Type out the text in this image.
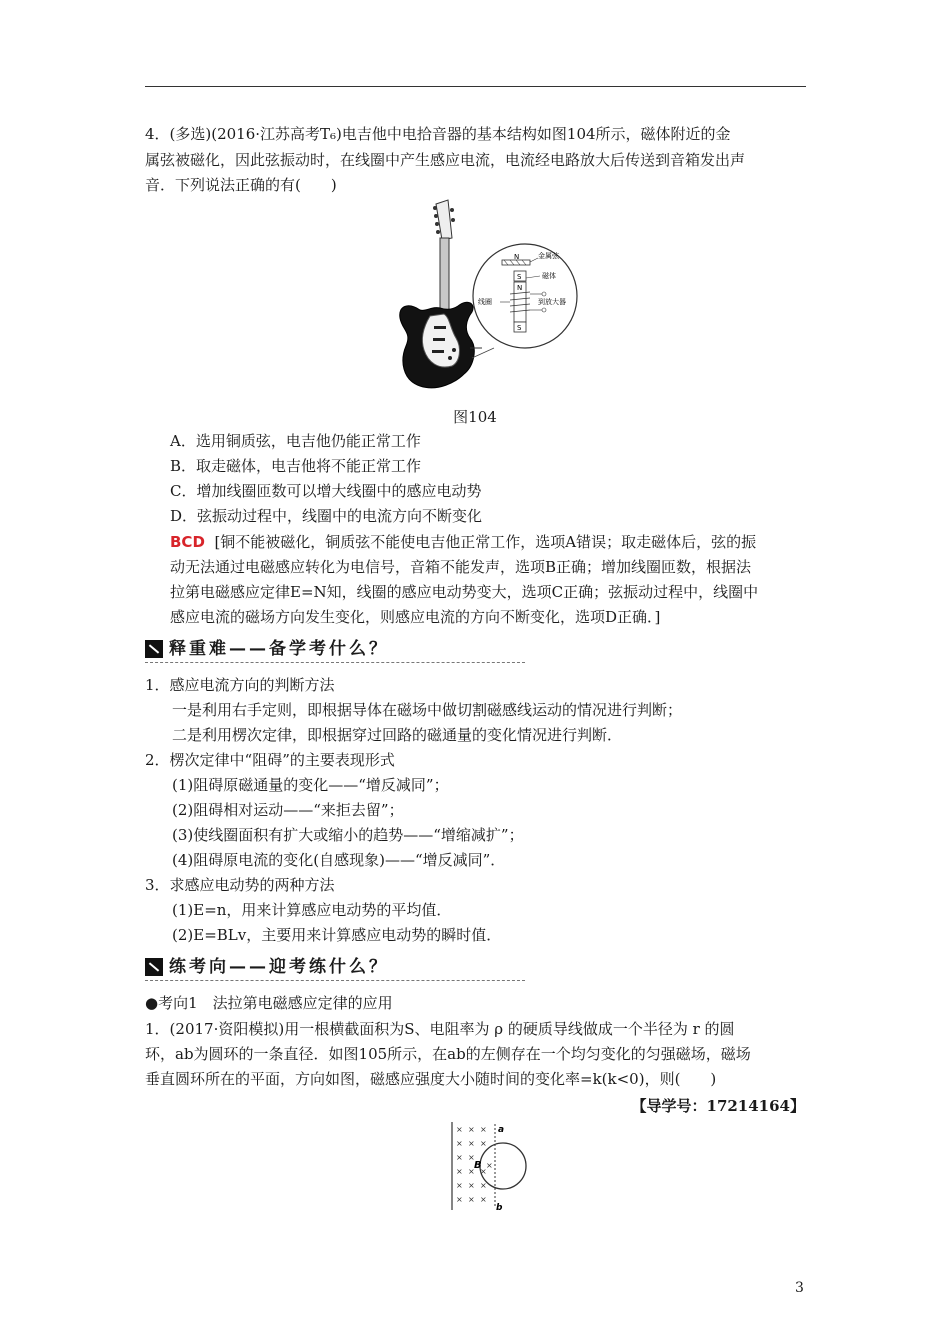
4．(多选)(2016·江苏高考T₆)电吉他中电拾音器的基本结构如图104所示，磁体附近的金
属弦被磁化，因此弦振动时，在线圈中产生感应电流，电流经电路放大后传送到音箱发出声
音．下列说法正确的有(　　)
N	金属弦
S
N
磁体
到放大器
线圈
S
图104
A．选用铜质弦，电吉他仍能正常工作
B．取走磁体，电吉他将不能正常工作
C．增加线圈匝数可以增大线圈中的感应电动势
D．弦振动过程中，线圈中的电流方向不断变化
BCD [铜不能被磁化，铜质弦不能使电吉他正常工作，选项A错误；取走磁体后，弦的振
动无法通过电磁感应转化为电信号，音箱不能发声，选项B正确；增加线圈匝数，根据法
拉第电磁感应定律E=N知，线圈的感应电动势变大，选项C正确；弦振动过程中，线圈中
感应电流的磁场方向发生变化，则感应电流的方向不断变化，选项D正确．]
释重难——备学考什么？
1．感应电流方向的判断方法
一是利用右手定则，即根据导体在磁场中做切割磁感线运动的情况进行判断；
二是利用楞次定律，即根据穿过回路的磁通量的变化情况进行判断．
2．楞次定律中“阻碍”的主要表现形式
(1)阻碍原磁通量的变化——“增反减同”；
(2)阻碍相对运动——“来拒去留”；
(3)使线圈面积有扩大或缩小的趋势——“增缩减扩”；
(4)阻碍原电流的变化(自感现象)——“增反减同”．
3．求感应电动势的两种方法
(1)E=n，用来计算感应电动势的平均值．
(2)E=BLv，主要用来计算感应电动势的瞬时值．
练考向——迎考练什么？
●考向1　法拉第电磁感应定律的应用
1．(2017·资阳模拟)用一根横截面积为S、电阻率为 ρ 的硬质导线做成一个半径为 r 的圆
环，ab为圆环的一条直径．如图105所示，在ab的左侧存在一个均匀变化的匀强磁场，磁场
垂直圆环所在的平面，方向如图，磁感应强度大小随时间的变化率=k(k<0)，则(　　)
【导学号：17214164】
× × ×
× × ×
× ×
×
× × ×
× × ×
× × ×
B
a
b
3
